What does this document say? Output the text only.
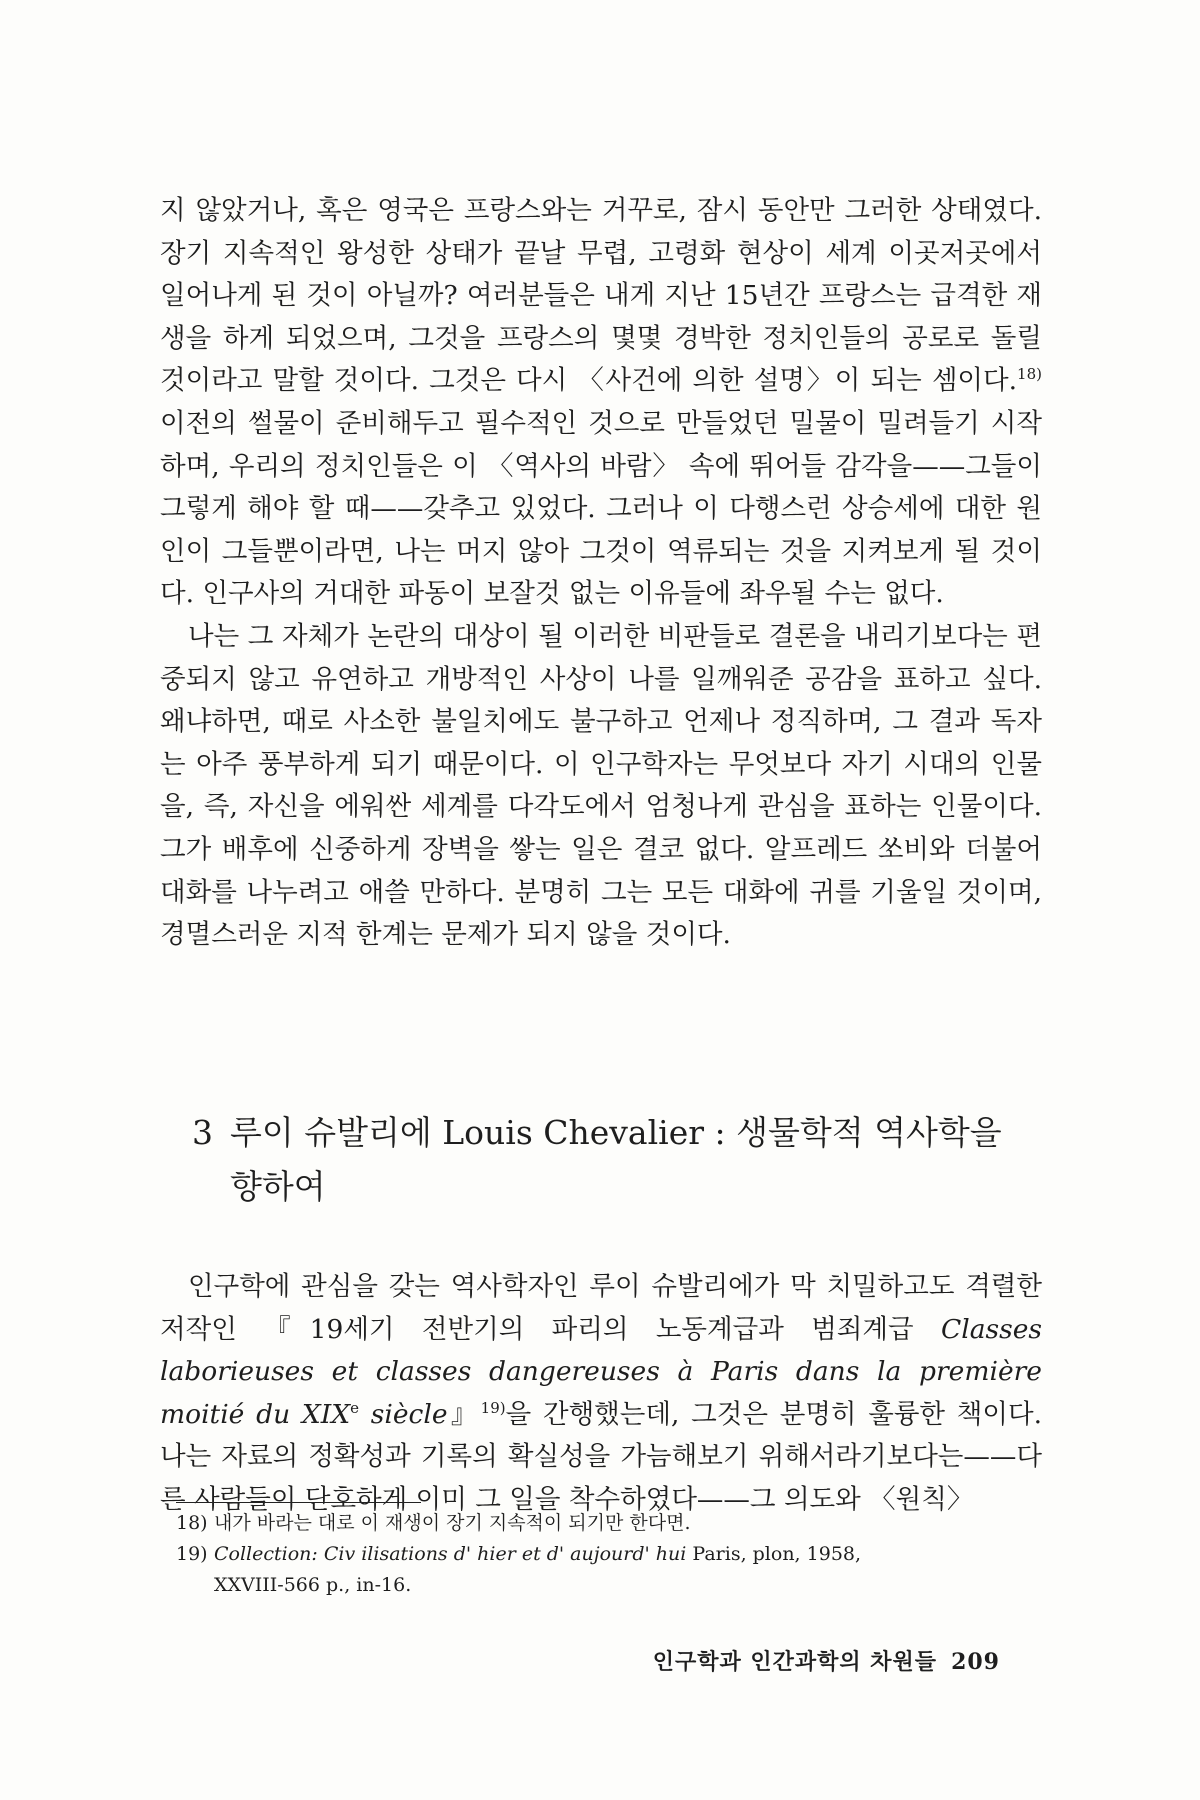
지 않았거나, 혹은 영국은 프랑스와는 거꾸로, 잠시 동안만 그러한 상태였다. 장기 지속적인 왕성한 상태가 끝날 무렵, 고령화 현상이 세계 이곳저곳에서 일어나게 된 것이 아닐까? 여러분들은 내게 지난 15년간 프랑스는 급격한 재생을 하게 되었으며, 그것을 프랑스의 몇몇 경박한 정치인들의 공로로 돌릴 것이라고 말할 것이다. 그것은 다시 〈사건에 의한 설명〉이 되는 셈이다.$^{18)}$ 이전의 썰물이 준비해두고 필수적인 것으로 만들었던 밀물이 밀려들기 시작하며, 우리의 정치인들은 이 〈역사의 바람〉 속에 뛰어들 감각을——그들이 그렇게 해야 할 때——갖추고 있었다. 그러나 이 다행스런 상승세에 대한 원인이 그들뿐이라면, 나는 머지 않아 그것이 역류되는 것을 지켜보게 될 것이다. 인구사의 거대한 파동이 보잘것 없는 이유들에 좌우될 수는 없다.

나는 그 자체가 논란의 대상이 될 이러한 비판들로 결론을 내리기보다는 편중되지 않고 유연하고 개방적인 사상이 나를 일깨워준 공감을 표하고 싶다. 왜냐하면, 때로 사소한 불일치에도 불구하고 언제나 정직하며, 그 결과 독자는 아주 풍부하게 되기 때문이다. 이 인구학자는 무엇보다 자기 시대의 인물을, 즉, 자신을 에워싼 세계를 다각도에서 엄청나게 관심을 표하는 인물이다. 그가 배후에 신중하게 장벽을 쌓는 일은 결코 없다. 알프레드 쏘비와 더불어 대화를 나누려고 애쓸 만하다. 분명히 그는 모든 대화에 귀를 기울일 것이며, 경멸스러운 지적 한계는 문제가 되지 않을 것이다.

3 루이 슈발리에 Louis Chevalier : 생물학적 역사학을
향하여

인구학에 관심을 갖는 역사학자인 루이 슈발리에가 막 치밀하고도 격렬한 저작인 『19세기 전반기의 파리의 노동계급과 범죄계급 Classes laborieuses et classes dangereuses à Paris dans la première moitié du XIXe siècle』$^{19)}$을 간행했는데, 그것은 분명히 훌륭한 책이다. 나는 자료의 정확성과 기록의 확실성을 가늠해보기 위해서라기보다는——다른 사람들이 단호하게 이미 그 일을 착수하였다——그 의도와 〈원칙〉

18) 내가 바라는 대로 이 재생이 장기 지속적이 되기만 한다면.
19) Collection: Civ ilisations d' hier et d' aujourd' hui Paris, plon, 1958,
XXVIII-566 p., in-16.
인구학과 인간과학의 차원들 209
